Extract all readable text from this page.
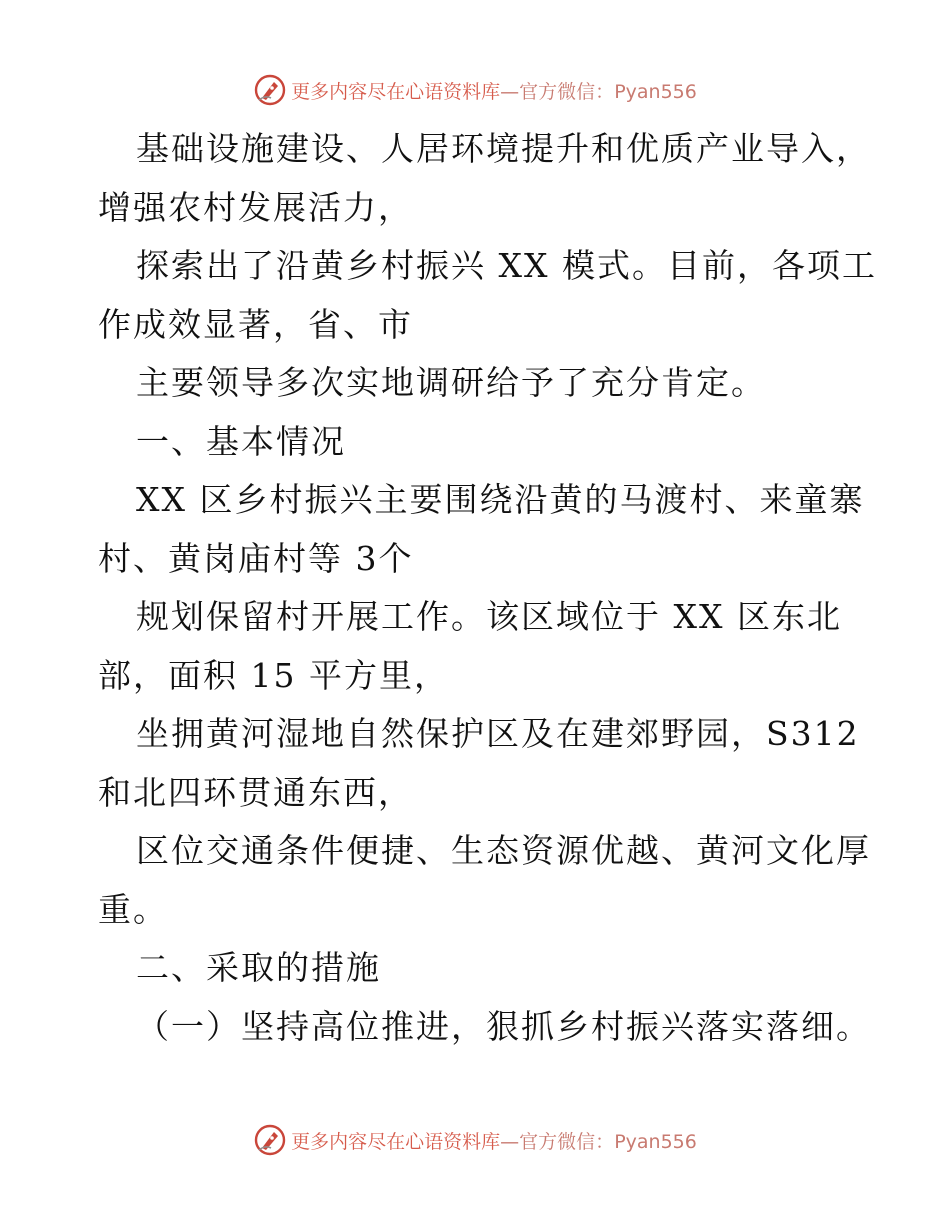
更多内容尽在心语资料库—官方微信：Pyan556
基础设施建设、人居环境提升和优质产业导入，
增强农村发展活力，
探索出了沿黄乡村振兴 XX 模式。目前，各项工
作成效显著，省、市
主要领导多次实地调研给予了充分肯定。
一、基本情况
XX 区乡村振兴主要围绕沿黄的马渡村、来童寨
村、黄岗庙村等 3个
规划保留村开展工作。该区域位于 XX 区东北
部，面积 15 平方里，
坐拥黄河湿地自然保护区及在建郊野园，S312
和北四环贯通东西，
区位交通条件便捷、生态资源优越、黄河文化厚
重。
二、采取的措施
（一）坚持高位推进，狠抓乡村振兴落实落细。
更多内容尽在心语资料库—官方微信：Pyan556
